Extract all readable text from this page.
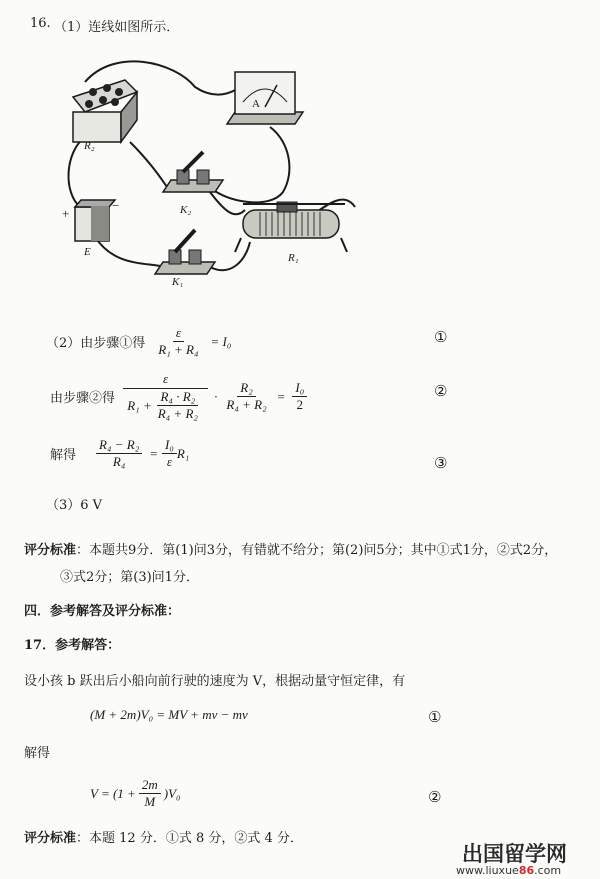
16. （1）连线如图所示．
A
R₂
K₂
+
−
E
K₁
R₁
（2）由步骤①得 $\frac{\varepsilon}{\text{R₁ + R₄}} = I_0$	①
由步骤②得 $\frac{\varepsilon}{R_1 + \frac{\text{R₄ · R₂}}{\text{R₄ + R₂}}} \cdot \frac{\text{R₂}}{\text{R₄ + R₂}} = \frac{\text{I₀}}{2}$	②
解得 $\frac{\text{R₄ − R₂}}{\text{R₄}} = \frac{\text{I₀}}{\varepsilon} R_1$
③
（3）6 V
评分标准：本题共9分．第(1)问3分，有错就不给分；第(2)问5分；其中①式1分，②式2分，
③式2分；第(3)问1分．
四．参考解答及评分标准：
17．参考解答：
设小孩 b 跃出后小船向前行驶的速度为 V，根据动量守恒定律，有
(M + 2m)V₀ = MV + mv − mv	①
解得
$V = (1 + \frac{2m}{M} )V_0$	②
评分标准：本题 12 分．①式 8 分，②式 4 分．
出国留学网
www.liuxue86.com
